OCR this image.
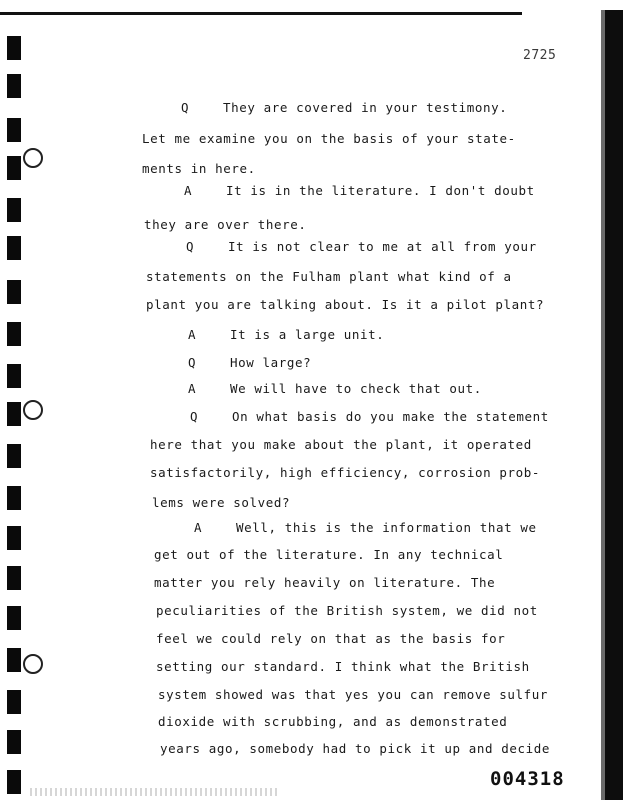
2725
Q	They are covered in your testimony.
Let me examine you on the basis of your state-
ments in here.
A	It is in the literature. I don't doubt
they are over there.
Q	It is not clear to me at all from your
statements on the Fulham plant what kind of a
plant you are talking about. Is it a pilot plant?
A	It is a large unit.
Q	How large?
A	We will have to check that out.
Q	On what basis do you make the statement
here that you make about the plant, it operated
satisfactorily, high efficiency, corrosion prob-
lems were solved?
A	Well, this is the information that we
get out of the literature. In any technical
matter you rely heavily on literature. The
peculiarities of the British system, we did not
feel we could rely on that as the basis for
setting our standard. I think what the British
system showed was that yes you can remove sulfur
dioxide with scrubbing, and as demonstrated
years ago, somebody had to pick it up and decide
004318
